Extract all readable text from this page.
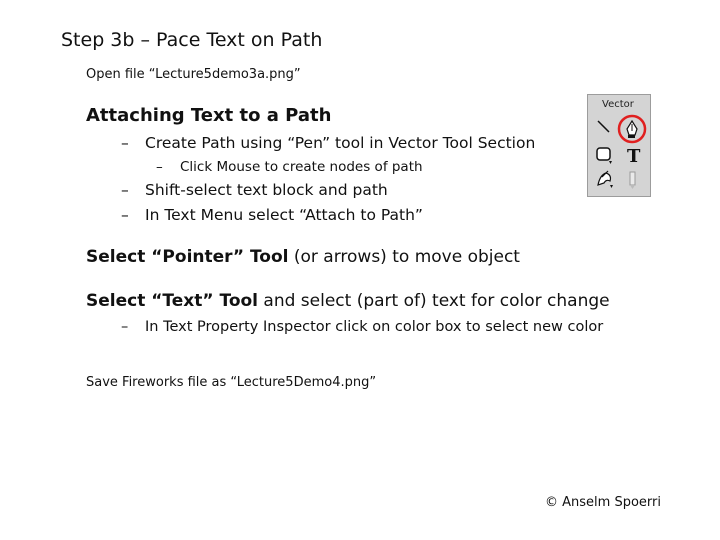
Step 3b – Pace Text on Path
Open file “Lecture5demo3a.png”
Attaching Text to a Path
– Create Path using “Pen” tool in Vector Tool Section
– Click Mouse to create nodes of path
– Shift-select text block and path
– In Text Menu select “Attach to Path”
Select “Pointer” Tool (or arrows) to move object
Select “Text” Tool and select (part of) text for color change
– In Text Property Inspector click on color box to select new color
Save Fireworks file as “Lecture5Demo4.png”
© Anselm Spoerri
Vector
T
